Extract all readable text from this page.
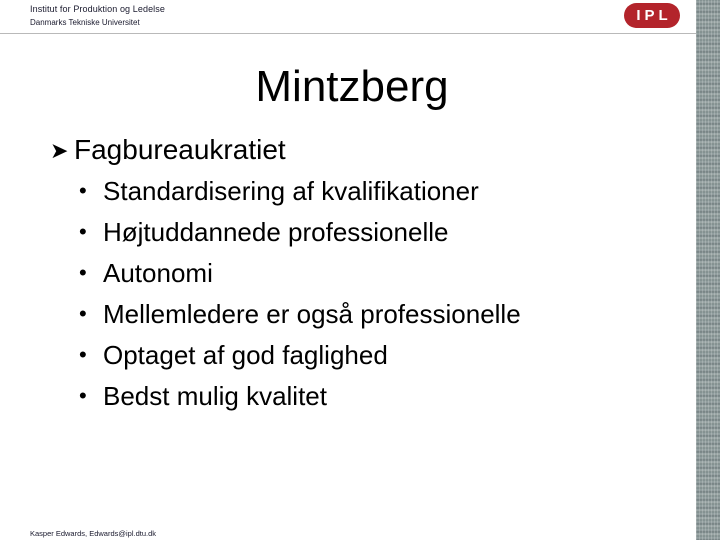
Institut for Produktion og Ledelse
Danmarks Tekniske Universitet	IPL
Mintzberg
➤ Fagbureaukratiet
• Standardisering af kvalifikationer
• Højtuddannede professionelle
• Autonomi
• Mellemledere er også professionelle
• Optaget af god faglighed
• Bedst mulig kvalitet
Kasper Edwards, Edwards@ipl.dtu.dk
